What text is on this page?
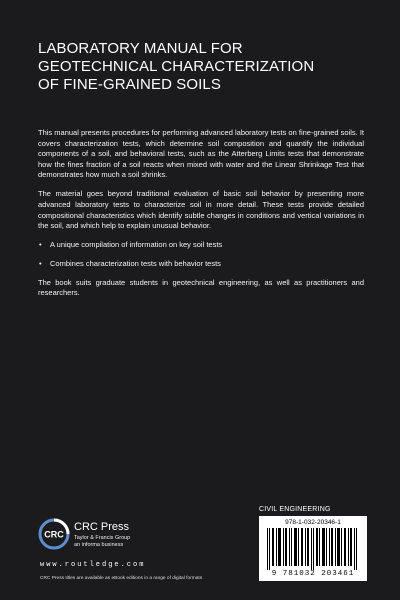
LABORATORY MANUAL FOR
GEOTECHNICAL CHARACTERIZATION
OF FINE-GRAINED SOILS

This manual presents procedures for performing advanced laboratory tests on fine-grained soils. It covers characterization tests, which determine soil composition and quantify the individual components of a soil, and behavioral tests, such as the Atterberg Limits tests that demonstrate how the fines fraction of a soil reacts when mixed with water and the Linear Shrinkage Test that demonstrates how much a soil shrinks.

The material goes beyond traditional evaluation of basic soil behavior by presenting more advanced laboratory tests to characterize soil in more detail. These tests provide detailed compositional characteristics which identify subtle changes in conditions and vertical variations in the soil, and which help to explain unusual behavior.

• A unique compilation of information on key soil tests
• Combines characterization tests with behavior tests

The book suits graduate students in geotechnical engineering, as well as practitioners and researchers.

CIVIL ENGINEERING
978-1-032-20346-1
9 781032 203461
CRC
CRC Press
Taylor & Francis Group
an informa business
www.routledge.com
CRC Press titles are available as eBook editions in a range of digital formats
